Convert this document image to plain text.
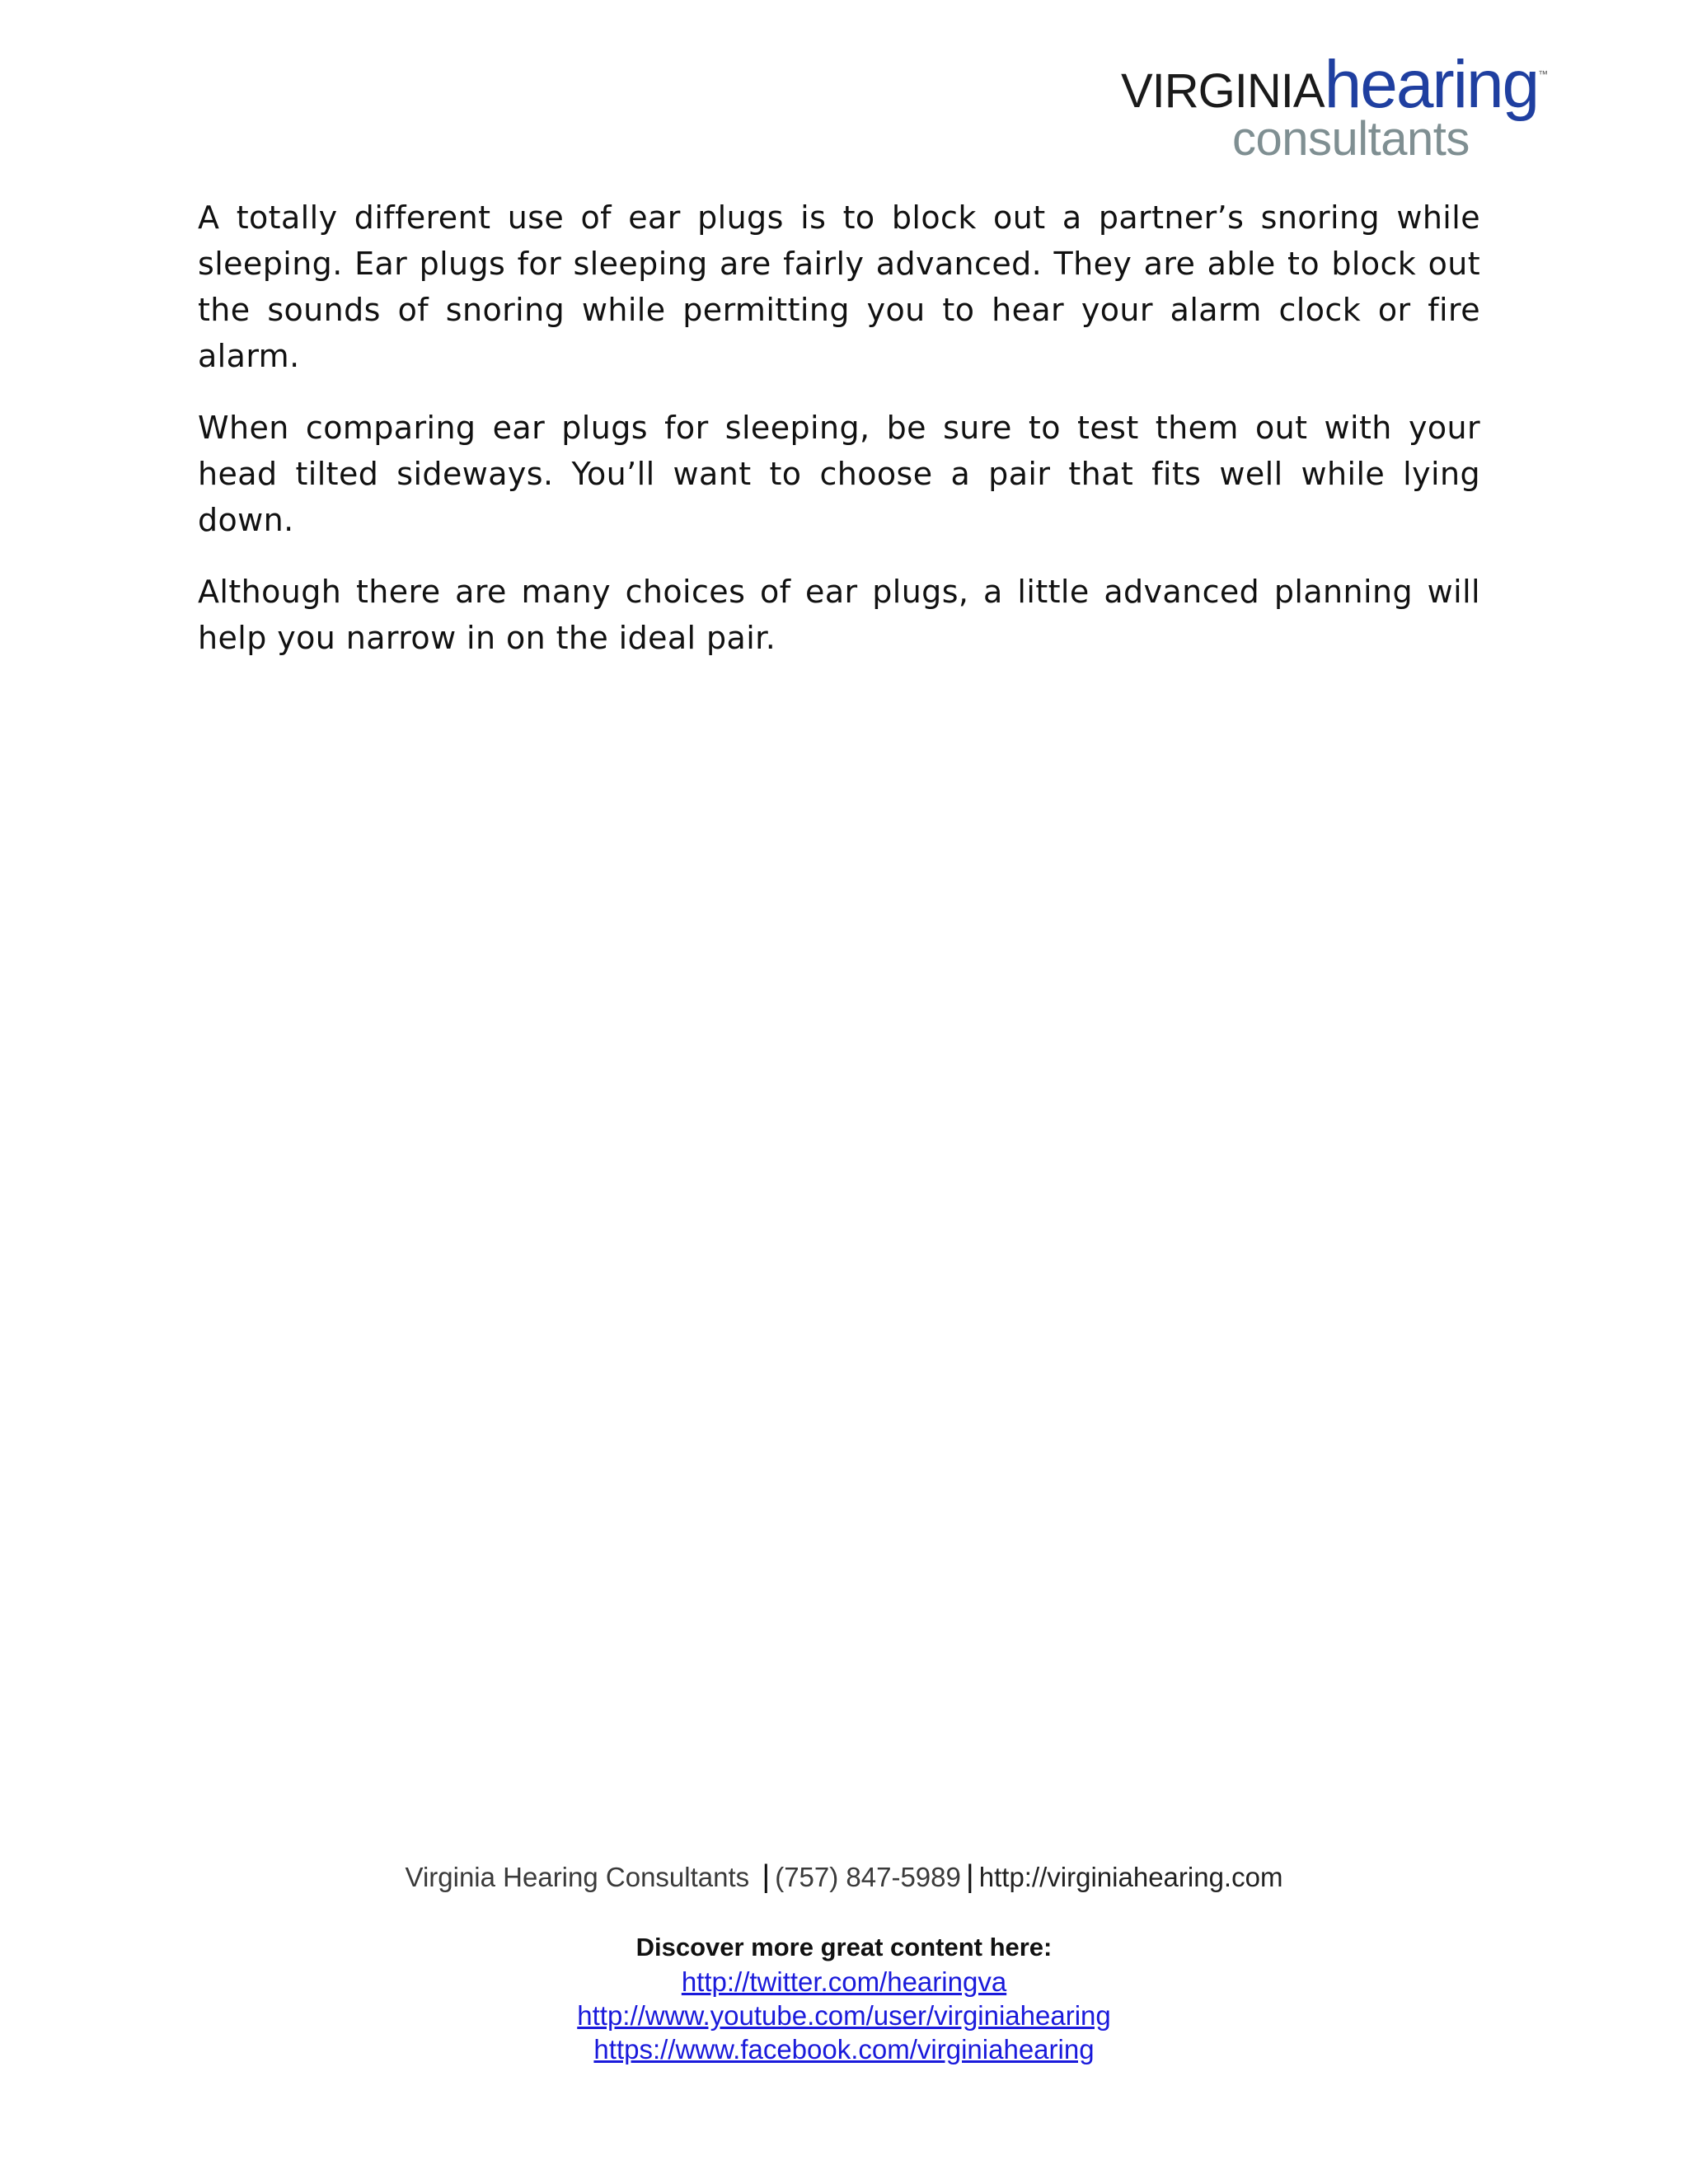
VIRGINIAhearing$_™$
consultants

A totally different use of ear plugs is to block out a partner’s snoring while sleeping. Ear plugs for sleeping are fairly advanced. They are able to block out the sounds of snoring while permitting you to hear your alarm clock or fire alarm.

When comparing ear plugs for sleeping, be sure to test them out with your head tilted sideways. You’ll want to choose a pair that fits well while lying down.

Although there are many choices of ear plugs, a little advanced planning will help you narrow in on the ideal pair.

Virginia Hearing Consultants | (757) 847-5989 | http://virginiahearing.com
Discover more great content here:
http://twitter.com/hearingva
http://www.youtube.com/user/virginiahearing
https://www.facebook.com/virginiahearing
